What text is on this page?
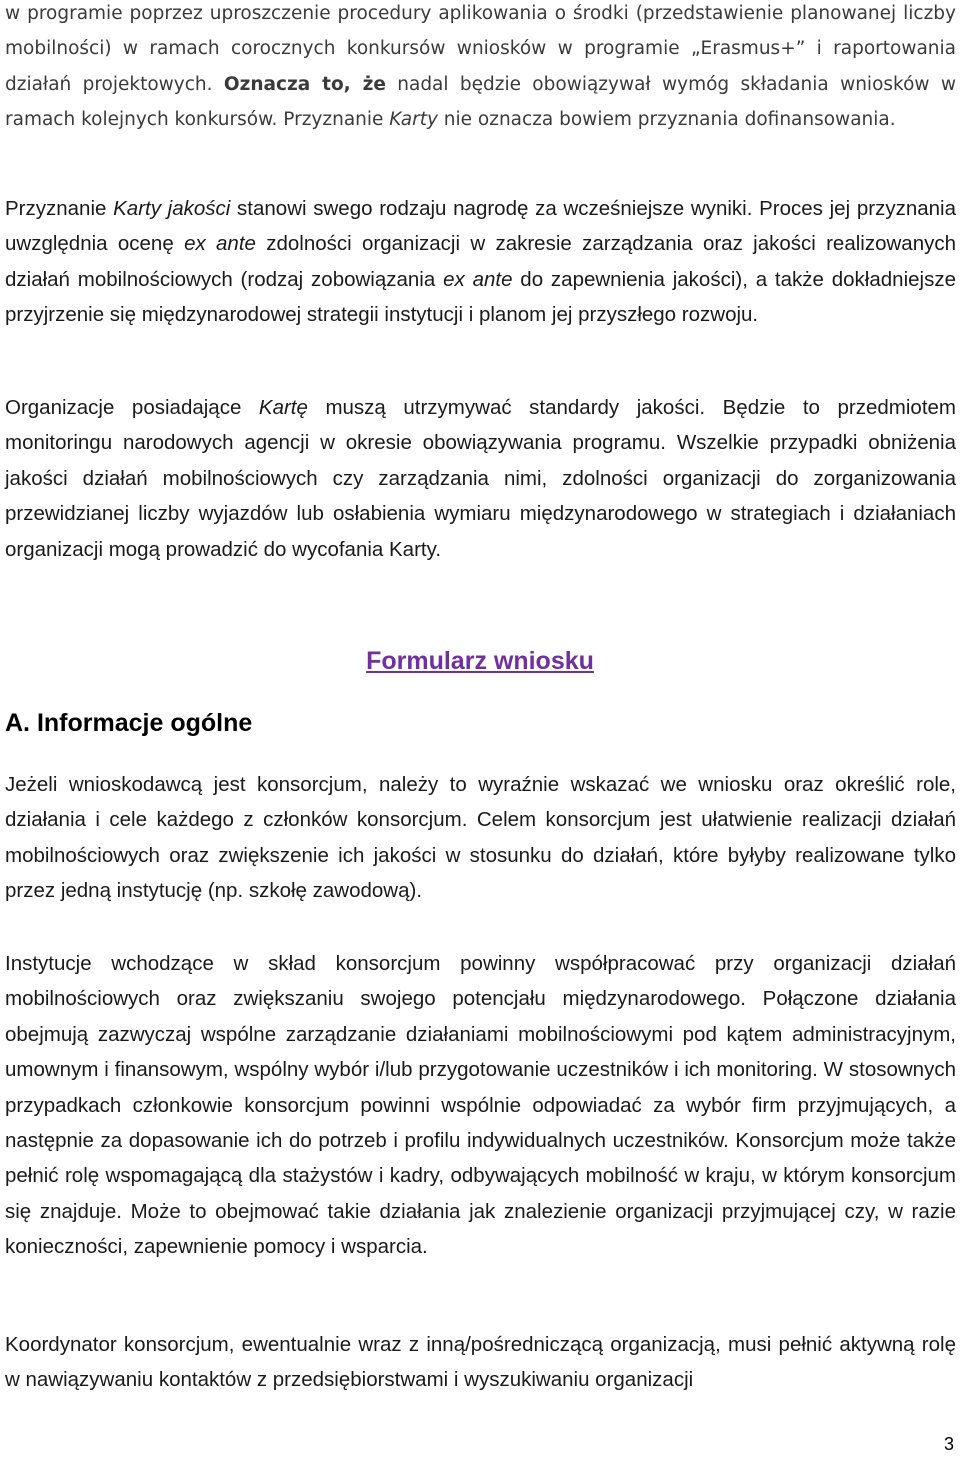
w programie poprzez uproszczenie procedury aplikowania o środki (przedstawienie planowanej liczby mobilności) w ramach corocznych konkursów wniosków w programie „Erasmus+” i raportowania działań projektowych. Oznacza to, że nadal będzie obowiązywał wymóg składania wniosków w ramach kolejnych konkursów. Przyznanie Karty nie oznacza bowiem przyznania dofinansowania.

Przyznanie Karty jakości stanowi swego rodzaju nagrodę za wcześniejsze wyniki. Proces jej przyznania uwzględnia ocenę ex ante zdolności organizacji w zakresie zarządzania oraz jakości realizowanych działań mobilnościowych (rodzaj zobowiązania ex ante do zapewnienia jakości), a także dokładniejsze przyjrzenie się międzynarodowej strategii instytucji i planom jej przyszłego rozwoju.

Organizacje posiadające Kartę muszą utrzymywać standardy jakości. Będzie to przedmiotem monitoringu narodowych agencji w okresie obowiązywania programu. Wszelkie przypadki obniżenia jakości działań mobilnościowych czy zarządzania nimi, zdolności organizacji do zorganizowania przewidzianej liczby wyjazdów lub osłabienia wymiaru międzynarodowego w strategiach i działaniach organizacji mogą prowadzić do wycofania Karty.

Formularz wniosku
A. Informacje ogólne

Jeżeli wnioskodawcą jest konsorcjum, należy to wyraźnie wskazać we wniosku oraz określić role, działania i cele każdego z członków konsorcjum. Celem konsorcjum jest ułatwienie realizacji działań mobilnościowych oraz zwiększenie ich jakości w stosunku do działań, które byłyby realizowane tylko przez jedną instytucję (np. szkołę zawodową).

Instytucje wchodzące w skład konsorcjum powinny współpracować przy organizacji działań mobilnościowych oraz zwiększaniu swojego potencjału międzynarodowego. Połączone działania obejmują zazwyczaj wspólne zarządzanie działaniami mobilnościowymi pod kątem administracyjnym, umownym i finansowym, wspólny wybór i/lub przygotowanie uczestników i ich monitoring. W stosownych przypadkach członkowie konsorcjum powinni wspólnie odpowiadać za wybór firm przyjmujących, a następnie za dopasowanie ich do potrzeb i profilu indywidualnych uczestników. Konsorcjum może także pełnić rolę wspomagającą dla stażystów i kadry, odbywających mobilność w kraju, w którym konsorcjum się znajduje. Może to obejmować takie działania jak znalezienie organizacji przyjmującej czy, w razie konieczności, zapewnienie pomocy i wsparcia.

Koordynator konsorcjum, ewentualnie wraz z inną/pośredniczącą organizacją, musi pełnić aktywną rolę w nawiązywaniu kontaktów z przedsiębiorstwami i wyszukiwaniu organizacji

3
